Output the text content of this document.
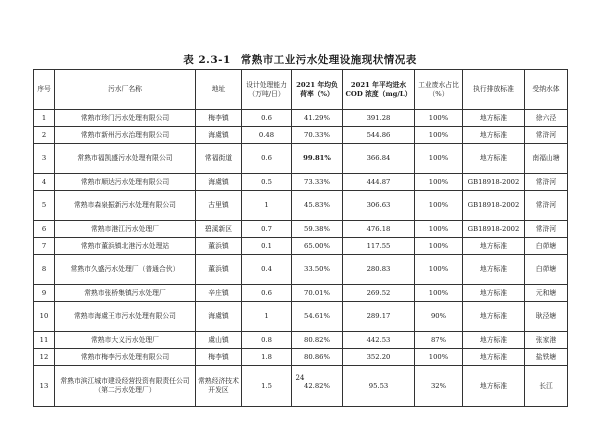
表 2.3-1 常熟市工业污水处理设施现状情况表
序号	污水厂名称	地址	设计处理能力（万吨/日）	2021 年均负荷率（%）	2021 年平均进水 COD 浓度（mg/L）	工业废水占比（%）	执行排放标准	受纳水体
1	常熟市珍门污水处理有限公司	梅李镇	0.6	41.29%	391.28	100%	地方标准	徐六泾
2	常熟市新州污水治理有限公司	海虞镇	0.48	70.33%	544.86	100%	地方标准	常浒河
3	常熟市福凯盛污水处理有限公司	常福街道	0.6	99.81%	366.84	100%	地方标准	南福山塘
4	常熟市顺达污水处理有限公司	海虞镇	0.5	73.33%	444.87	100%	GB18918-2002	常浒河
5	常熟市森泉振新污水处理有限公司	古里镇	1	45.83%	306.63	100%	GB18918-2002	常浒河
6	常熟市港江污水处理厂	碧溪新区	0.7	59.38%	476.18	100%	GB18918-2002	常浒河
7	常熟市董浜镇北港污水处理站	董浜镇	0.1	65.00%	117.55	100%	地方标准	白茆塘
8	常熟市久盛污水处理厂（普通合伙）	董浜镇	0.4	33.50%	280.83	100%	地方标准	白茆塘
9	常熟市张桥集镇污水处理厂	辛庄镇	0.6	70.01%	269.52	100%	地方标准	元和塘
10	常熟市海虞王市污水处理有限公司	海虞镇	1	54.61%	289.17	90%	地方标准	耿泾塘
11	常熟市大义污水处理厂	虞山镇	0.8	80.82%	442.53	87%	地方标准	张家港
12	常熟市梅李污水处理有限公司	梅李镇	1.8	80.86%	352.20	100%	地方标准	盐铁塘
13	常熟市滨江城市建设经营投资有限责任公司（第二污水处理厂）	常熟经济技术开发区	1.5	42.82%	95.53	32%	地方标准	长江
24
